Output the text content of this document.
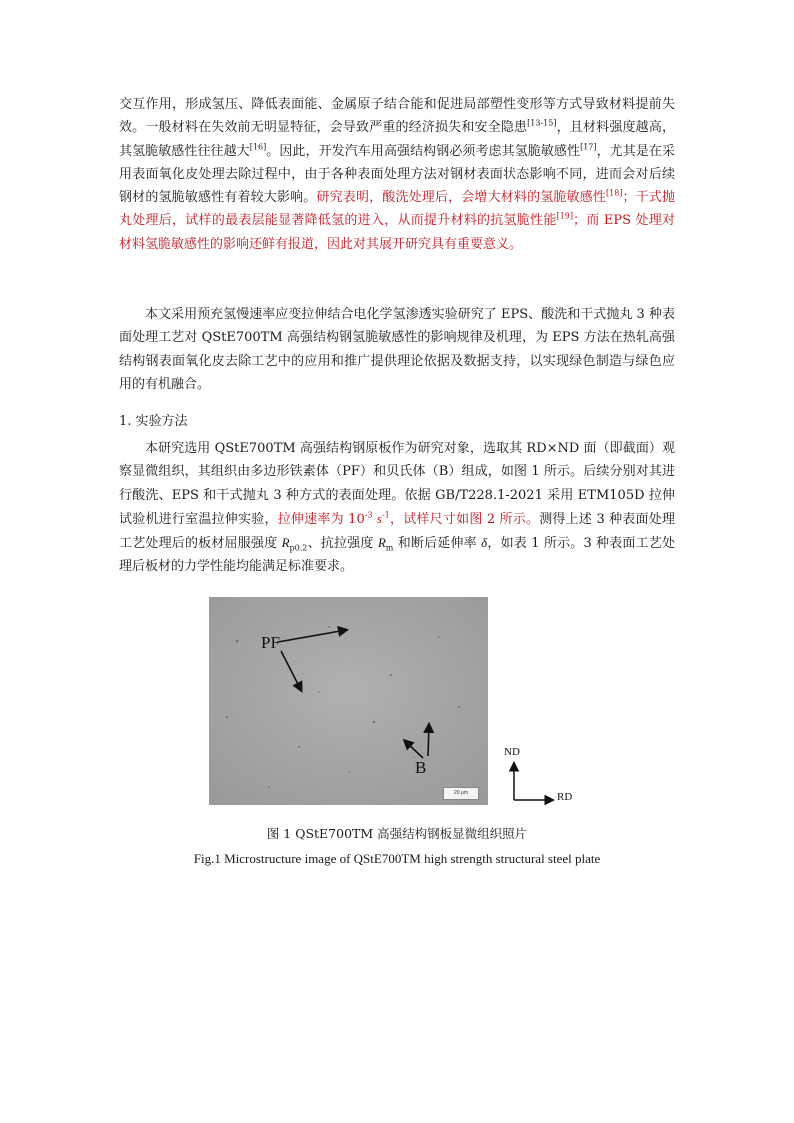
交互作用，形成氢压、降低表面能、金属原子结合能和促进局部塑性变形等方式导致材料提前失效。一般材料在失效前无明显特征，会导致严重的经济损失和安全隐患[13-15]，且材料强度越高，其氢脆敏感性往往越大[16]。因此，开发汽车用高强结构钢必须考虑其氢脆敏感性[17]，尤其是在采用表面氧化皮处理去除过程中，由于各种表面处理方法对钢材表面状态影响不同，进而会对后续钢材的氢脆敏感性有着较大影响。研究表明，酸洗处理后，会增大材料的氢脆敏感性[18]；干式抛丸处理后，试样的最表层能显著降低氢的进入，从而提升材料的抗氢脆性能[19]；而 EPS 处理对材料氢脆敏感性的影响还鲜有报道，因此对其展开研究具有重要意义。

本文采用预充氢慢速率应变拉伸结合电化学氢渗透实验研究了 EPS、酸洗和干式抛丸 3 种表面处理工艺对 QStE700TM 高强结构钢氢脆敏感性的影响规律及机理，为 EPS 方法在热轧高强结构钢表面氧化皮去除工艺中的应用和推广提供理论依据及数据支持，以实现绿色制造与绿色应用的有机融合。

1. 实验方法

本研究选用 QStE700TM 高强结构钢原板作为研究对象，选取其 RD×ND 面（即截面）观察显微组织，其组织由多边形铁素体（PF）和贝氏体（B）组成，如图 1 所示。后续分别对其进行酸洗、EPS 和干式抛丸 3 种方式的表面处理。依据 GB/T228.1-2021 采用 ETM105D 拉伸试验机进行室温拉伸实验，拉伸速率为 $10^{-3}$ $s^{-1}$，试样尺寸如图 2 所示。测得上述 3 种表面处理工艺处理后的板材屈服强度 $R_{p0.2}$、抗拉强度 $R_m$ 和断后延伸率 δ，如表 1 所示。3 种表面工艺处理后板材的力学性能均能满足标准要求。

PF
B
20 μm
ND
RD
图 1 QStE700TM 高强结构钢板显微组织照片
Fig.1 Microstructure image of QStE700TM high strength structural steel plate
